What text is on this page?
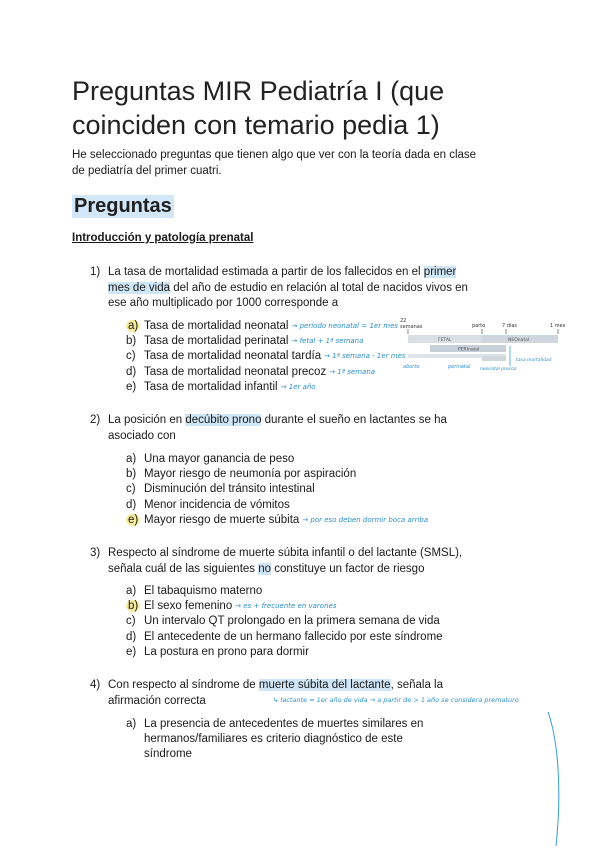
Preguntas MIR Pediatría I (que coinciden con temario pedia 1)
He seleccionado preguntas que tienen algo que ver con la teoría dada en clase de pediatría del primer cuatri.
Preguntas
Introducción y patología prenatal
1) La tasa de mortalidad estimada a partir de los fallecidos en el primer mes de vida del año de estudio en relación al total de nacidos vivos en ese año multiplicado por 1000 corresponde a
a) Tasa de mortalidad neonatal → período neonatal = 1er mes
b) Tasa de mortalidad perinatal → fetal + 1ª semana
c) Tasa de mortalidad neonatal tardía → 1ª semana - 1er mes
d) Tasa de mortalidad neonatal precoz → 1ª semana
e) Tasa de mortalidad infantil → 1er año
22
semanas	parto	7 días	1 mes
FETAL	NEOnatal
PERInatal
aborto	perinatal neonatal precoz
tasa mortalidad
2) La posición en decúbito prono durante el sueño en lactantes se ha asociado con
a) Una mayor ganancia de peso
b) Mayor riesgo de neumonía por aspiración
c) Disminución del tránsito intestinal
d) Menor incidencia de vómitos
e) Mayor riesgo de muerte súbita → por eso deben dormir boca arriba
3) Respecto al síndrome de muerte súbita infantil o del lactante (SMSL), señala cuál de las siguientes no constituye un factor de riesgo
a) El tabaquismo materno
b) El sexo femenino → es + frecuente en varones
c) Un intervalo QT prolongado en la primera semana de vida
d) El antecedente de un hermano fallecido por este síndrome
e) La postura en prono para dormir
4) Con respecto al síndrome de muerte súbita del lactante, señala la afirmación correcta	↳ lactante = 1er año de vida → a partir de > 1 año se considera prematuro
a) La presencia de antecedentes de muertes similares en hermanos/familiares es criterio diagnóstico de este síndrome
